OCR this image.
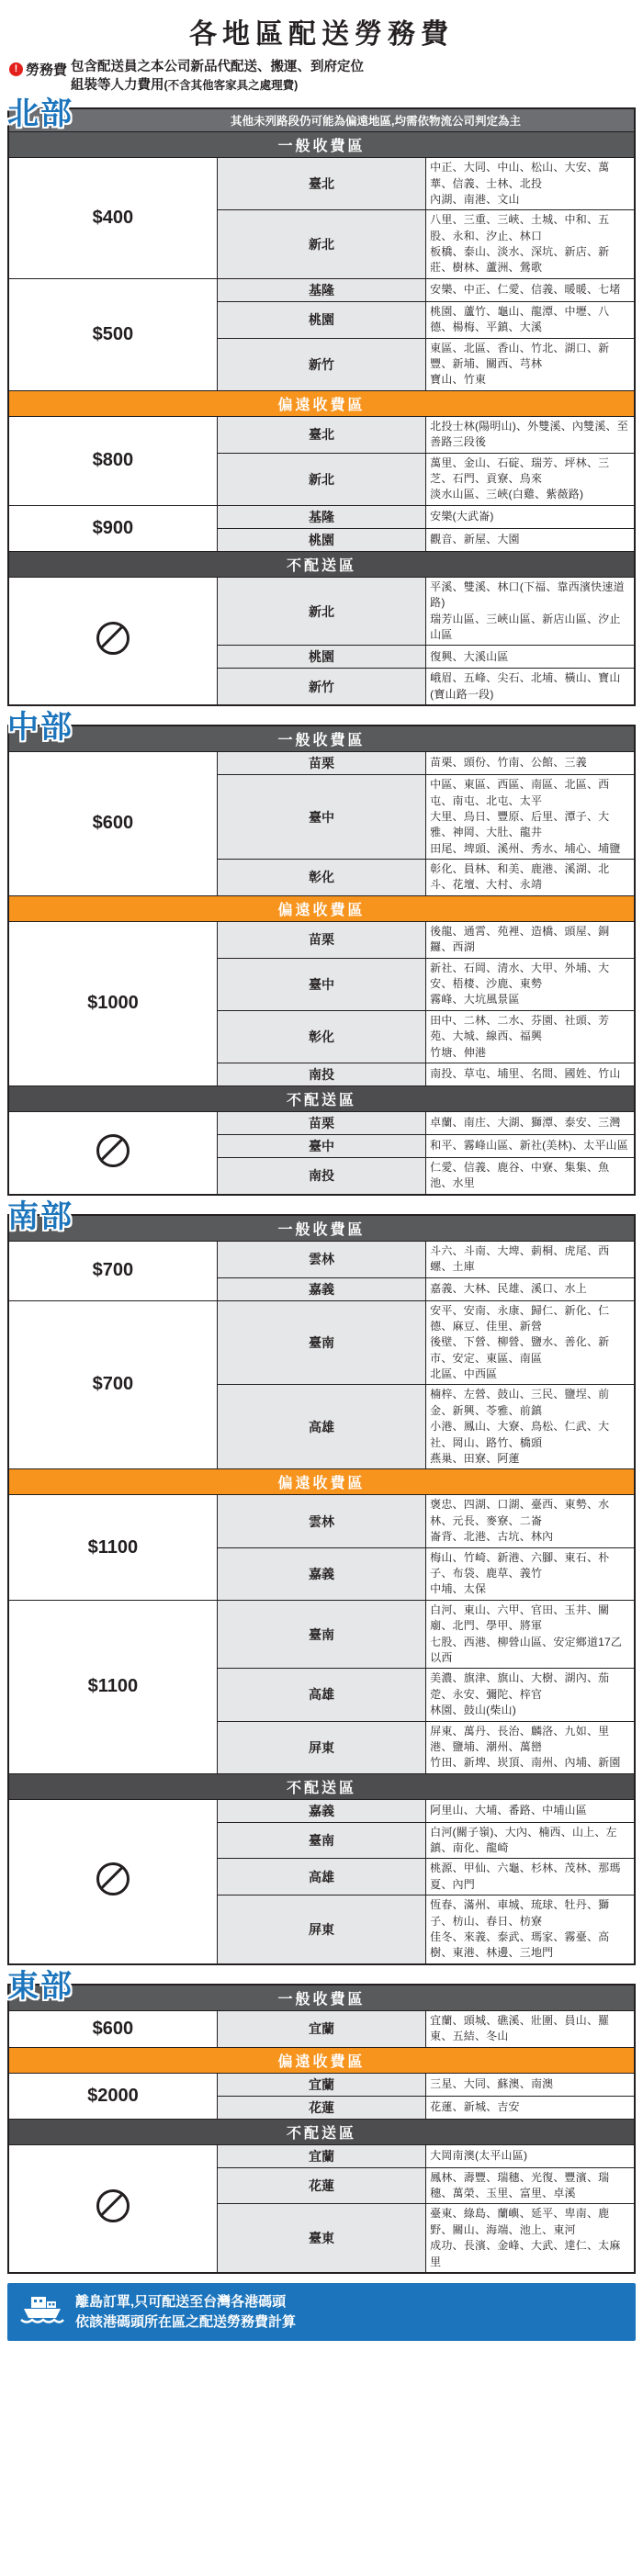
各地區配送勞務費
! 勞務費 包含配送員之本公司新品代配送、搬運、到府定位
組裝等人力費用(不含其他客家具之處理費)
北部	其他未列路段仍可能為偏遠地區,均需依物流公司判定為主		
一般收費區		
$400	臺北	中正、大同、中山、松山、大安、萬華、信義、士林、北投
內湖、南港、文山
	新北	八里、三重、三峽、土城、中和、五股、永和、汐止、林口
板橋、泰山、淡水、深坑、新店、新莊、樹林、蘆洲、鶯歌
$500	基隆	安樂、中正、仁愛、信義、暖暖、七堵
	桃園	桃園、蘆竹、龜山、龍潭、中壢、八德、楊梅、平鎮、大溪
	新竹	東區、北區、香山、竹北、湖口、新豐、新埔、關西、芎林
寶山、竹東
偏遠收費區		
$800	臺北	北投士林(陽明山)、外雙溪、內雙溪、至善路三段後
	新北	萬里、金山、石碇、瑞芳、坪林、三芝、石門、貢寮、烏來
淡水山區、三峽(白雞、紫薇路)
$900	基隆	安樂(大武崙)
	桃園	觀音、新屋、大園
不配送區		
	新北	平溪、雙溪、林口(下福、靠西濱快速道路)
瑞芳山區、三峽山區、新店山區、汐止山區
	桃園	復興、大溪山區
	新竹	峨眉、五峰、尖石、北埔、橫山、寶山(寶山路一段)
中部	一般收費區		
$600	苗栗	苗栗、頭份、竹南、公館、三義
	臺中	中區、東區、西區、南區、北區、西屯、南屯、北屯、太平
大里、烏日、豐原、后里、潭子、大雅、神岡、大肚、龍井
田尾、埤頭、溪州、秀水、埔心、埔鹽
	彰化	彰化、員林、和美、鹿港、溪湖、北斗、花壇、大村、永靖
偏遠收費區		
$1000	苗栗	後龍、通霄、苑裡、造橋、頭屋、銅鑼、西湖
	臺中	新社、石岡、清水、大甲、外埔、大安、梧棲、沙鹿、東勢
霧峰、大坑風景區
	彰化	田中、二林、二水、芬園、社頭、芳苑、大城、線西、福興
竹塘、伸港
	南投	南投、草屯、埔里、名間、國姓、竹山
不配送區		
	苗栗	卓蘭、南庄、大湖、獅潭、泰安、三灣
	臺中	和平、霧峰山區、新社(美林)、太平山區
	南投	仁愛、信義、鹿谷、中寮、集集、魚池、水里
南部	一般收費區		
$700	雲林	斗六、斗南、大埤、莿桐、虎尾、西螺、土庫
	嘉義	嘉義、大林、民雄、溪口、水上
$700	臺南	安平、安南、永康、歸仁、新化、仁德、麻豆、佳里、新營
後壁、下營、柳營、鹽水、善化、新市、安定、東區、南區
北區、中西區
	高雄	楠梓、左營、鼓山、三民、鹽埕、前金、新興、苓雅、前鎮
小港、鳳山、大寮、鳥松、仁武、大社、岡山、路竹、橋頭
燕巢、田寮、阿蓮
偏遠收費區		
$1100	雲林	褒忠、四湖、口湖、臺西、東勢、水林、元長、麥寮、二崙
崙背、北港、古坑、林內
	嘉義	梅山、竹崎、新港、六腳、東石、朴子、布袋、鹿草、義竹
中埔、太保
$1100	臺南	白河、東山、六甲、官田、玉井、關廟、北門、學甲、將軍
七股、西港、柳營山區、安定鄉道17乙以西
	高雄	美濃、旗津、旗山、大樹、湖內、茄萣、永安、彌陀、梓官
林園、鼓山(柴山)
	屏東	屏東、萬丹、長治、麟洛、九如、里港、鹽埔、潮州、萬巒
竹田、新埤、崁頂、南州、內埔、新園
不配送區		
	嘉義	阿里山、大埔、番路、中埔山區
	臺南	白河(關子嶺)、大內、楠西、山上、左鎮、南化、龍崎
	高雄	桃源、甲仙、六龜、杉林、茂林、那瑪夏、內門
	屏東	恆春、滿州、車城、琉球、牡丹、獅子、枋山、春日、枋寮
佳冬、來義、泰武、瑪家、霧臺、高樹、東港、林邊、三地門
東部	一般收費區		
$600	宜蘭	宜蘭、頭城、礁溪、壯圍、員山、羅東、五結、冬山
偏遠收費區		
$2000	宜蘭	三星、大同、蘇澳、南澳
	花蓮	花蓮、新城、吉安
不配送區		
	宜蘭	大岡南澳(太平山區)
	花蓮	鳳林、壽豐、瑞穗、光復、豐濱、瑞穗、萬榮、玉里、富里、卓溪
	臺東	臺東、綠島、蘭嶼、延平、卑南、鹿野、關山、海端、池上、東河
成功、長濱、金峰、大武、達仁、太麻里
離島訂單,只可配送至台灣各港碼頭
依該港碼頭所在區之配送勞務費計算
